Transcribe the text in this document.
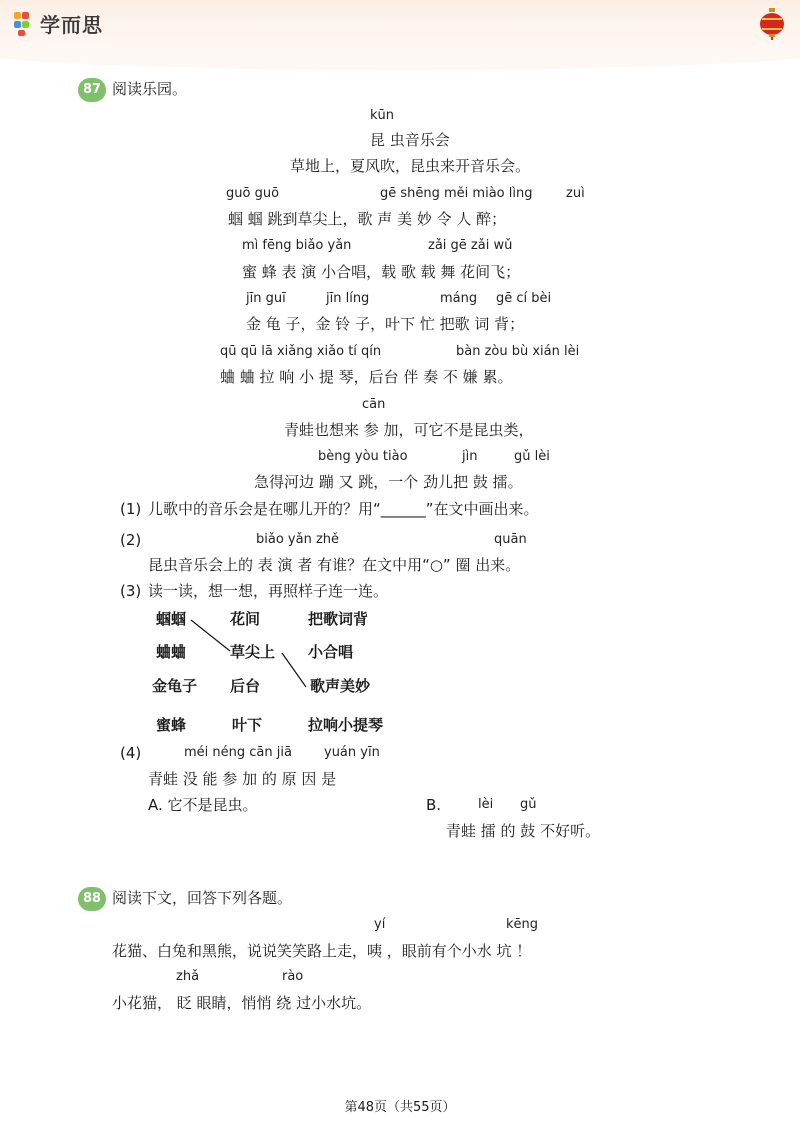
学而思
87 阅读乐园。
kūn
昆 虫音乐会
草地上，夏风吹，昆虫来开音乐会。
guō guō	gē shēng měi miào lìng	zuì
蝈 蝈 跳到草尖上，歌 声 美 妙 令 人 醉；
mì fēng biǎo yǎn	zǎi gē zǎi wǔ
蜜 蜂 表 演 小合唱，载 歌 载 舞 花间飞；
jīn guī	jīn líng	máng gē cí bèi
金 龟 子，金 铃 子，叶下 忙 把歌 词 背；
qū qū lā xiǎng xiǎo tí qín	bàn zòu bù xián lèi
蛐 蛐 拉 响 小 提 琴，后台 伴 奏 不 嫌 累。
cān
青蛙也想来 参 加，可它不是昆虫类，
bèng yòu tiào	jìn	gǔ lèi
急得河边 蹦 又 跳，一个 劲儿把 鼓 擂。
(1) 儿歌中的音乐会是在哪儿开的？用“______”在文中画出来。
(2)	biǎo yǎn zhě	quān
昆虫音乐会上的 表 演 者 有谁？在文中用“○” 圈 出来。
(3) 读一读，想一想，再照样子连一连。
蝈蝈	花间	把歌词背
蛐蛐	草尖上 小合唱
金龟子 后台	歌声美妙
蜜蜂	叶下	拉响小提琴
(4)	méi néng cān jiā yuán yīn
青蛙 没 能 参 加 的 原 因 是
A. 它不是昆虫。	B.	lèi gǔ
青蛙 擂 的 鼓 不好听。
88 阅读下文，回答下列各题。
yí	kēng
花猫、白兔和黑熊，说说笑笑路上走，咦 ，眼前有个小水 坑 ！
zhǎ	rào
小花猫， 眨 眼睛，悄悄 绕 过小水坑。
第48页（共55页）
